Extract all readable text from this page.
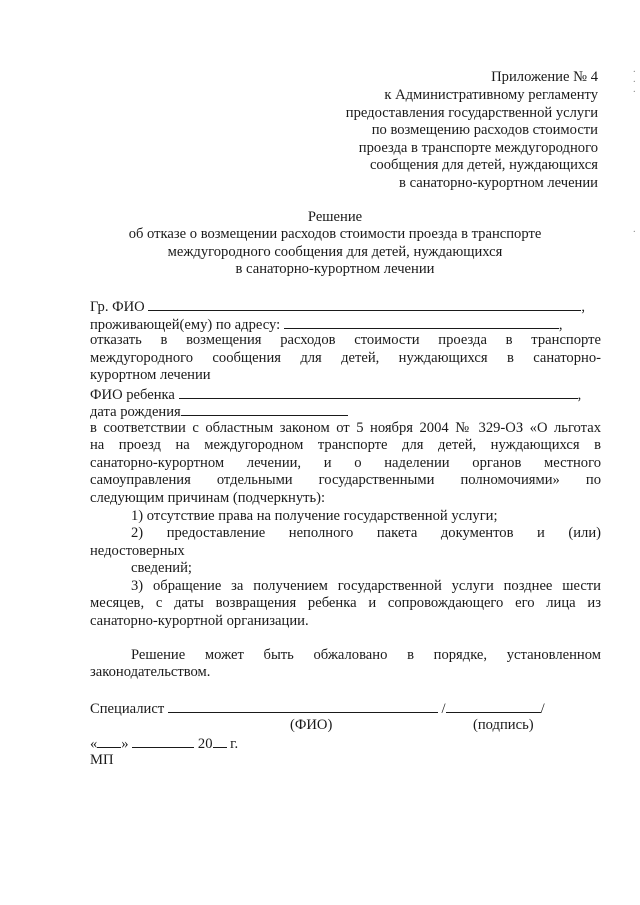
·
·
·
·
Приложение № 4
к Административному регламенту
предоставления государственной услуги
по возмещению расходов стоимости
проезда в транспорте междугородного
сообщения для детей, нуждающихся
в санаторно-курортном лечении
Решение
об отказе о возмещении расходов стоимости проезда в транспорте
междугородного сообщения для детей, нуждающихся
в санаторно-курортном лечении
Гр. ФИО	,
проживающей(ему) по адресу:	,
отказать в возмещения расходов стоимости проезда в транспорте
междугородного сообщения для детей, нуждающихся в санаторно-
курортном лечении
ФИО ребенка	,
дата рождения
в соответствии с областным законом от 5 ноября 2004 № 329-ОЗ «О льготах
на проезд на междугородном транспорте для детей, нуждающихся в
санаторно-курортном лечении, и о наделении органов местного
самоуправления отдельными государственными полномочиями» по
следующим причинам (подчеркнуть):
1) отсутствие права на получение государственной услуги;
2) предоставление неполного пакета документов и (или)
недостоверных
сведений;
3) обращение за получением государственной услуги позднее шести
месяцев, с даты возвращения ребенка и сопровождающего его лица из
санаторно-курортной организации.
Решение может быть обжаловано в порядке, установленном
законодательством.
Специалист	/	/
(ФИО)	(подпись)
« »	20 г.
МП
